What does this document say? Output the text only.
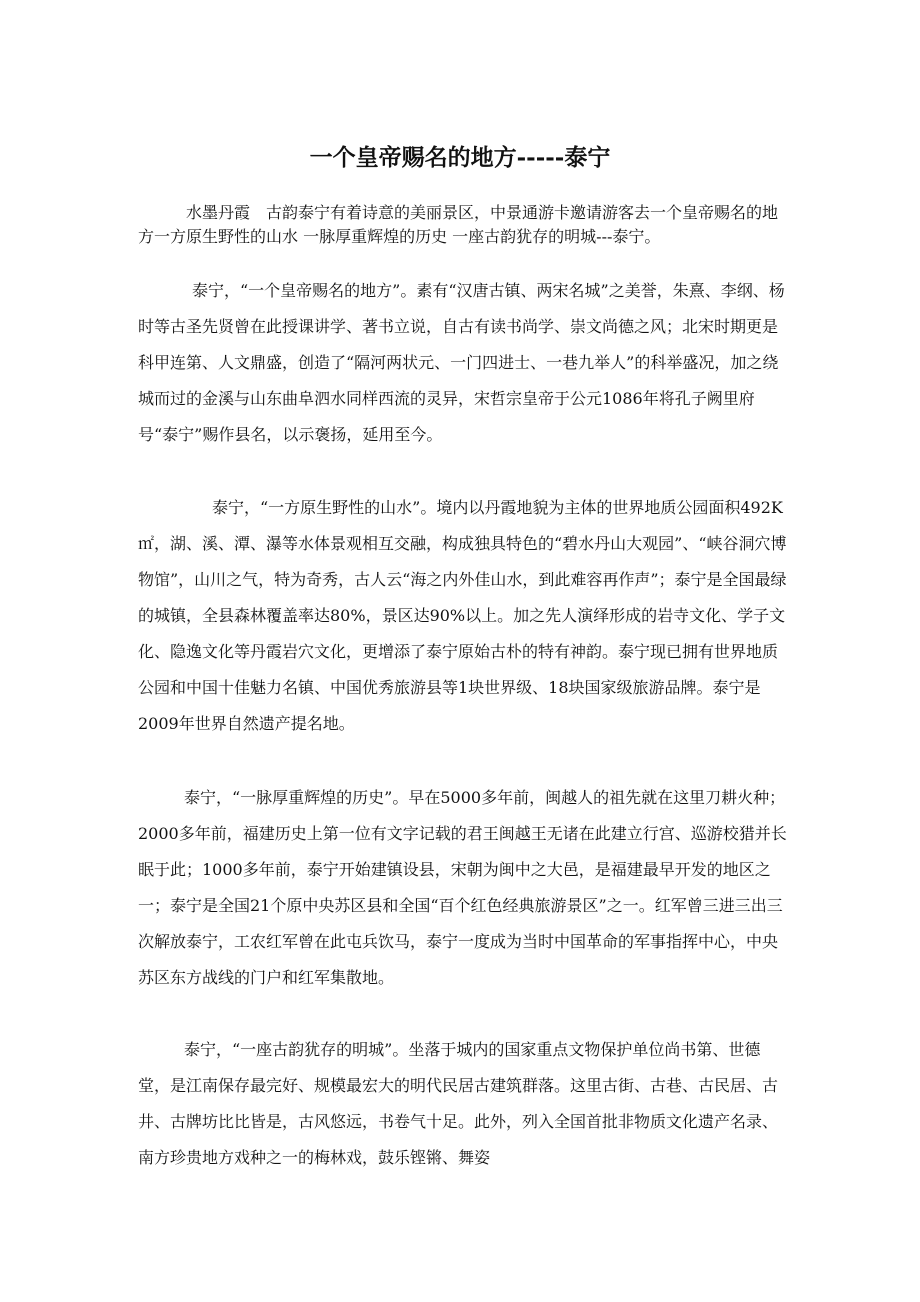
一个皇帝赐名的地方-----泰宁

水墨丹霞　古韵泰宁有着诗意的美丽景区，中景通游卡邀请游客去一个皇帝赐名的地方一方原生野性的山水 一脉厚重辉煌的历史 一座古韵犹存的明城---泰宁。

泰宁，“一个皇帝赐名的地方”。素有“汉唐古镇、两宋名城”之美誉，朱熹、李纲、杨时等古圣先贤曾在此授课讲学、著书立说，自古有读书尚学、崇文尚德之风；北宋时期更是科甲连第、人文鼎盛，创造了“隔河两状元、一门四进士、一巷九举人”的科举盛况，加之绕城而过的金溪与山东曲阜泗水同样西流的灵异，宋哲宗皇帝于公元1086年将孔子阙里府号“泰宁”赐作县名，以示褒扬，延用至今。

泰宁，“一方原生野性的山水”。境内以丹霞地貌为主体的世界地质公园面积492K㎡，湖、溪、潭、瀑等水体景观相互交融，构成独具特色的“碧水丹山大观园”、“峡谷洞穴博物馆”，山川之气，特为奇秀，古人云“海之内外佳山水，到此难容再作声”；泰宁是全国最绿的城镇，全县森林覆盖率达80%，景区达90%以上。加之先人演绎形成的岩寺文化、学子文化、隐逸文化等丹霞岩穴文化，更增添了泰宁原始古朴的特有神韵。泰宁现已拥有世界地质公园和中国十佳魅力名镇、中国优秀旅游县等1块世界级、18块国家级旅游品牌。泰宁是2009年世界自然遗产提名地。

泰宁，“一脉厚重辉煌的历史”。早在5000多年前，闽越人的祖先就在这里刀耕火种；2000多年前，福建历史上第一位有文字记载的君王闽越王无诸在此建立行宫、巡游校猎并长眠于此；1000多年前，泰宁开始建镇设县，宋朝为闽中之大邑，是福建最早开发的地区之一；泰宁是全国21个原中央苏区县和全国“百个红色经典旅游景区”之一。红军曾三进三出三次解放泰宁，工农红军曾在此屯兵饮马，泰宁一度成为当时中国革命的军事指挥中心，中央苏区东方战线的门户和红军集散地。

泰宁，“一座古韵犹存的明城”。坐落于城内的国家重点文物保护单位尚书第、世德堂，是江南保存最完好、规模最宏大的明代民居古建筑群落。这里古街、古巷、古民居、古井、古牌坊比比皆是，古风悠远，书卷气十足。此外，列入全国首批非物质文化遗产名录、南方珍贵地方戏种之一的梅林戏，鼓乐铿锵、舞姿
